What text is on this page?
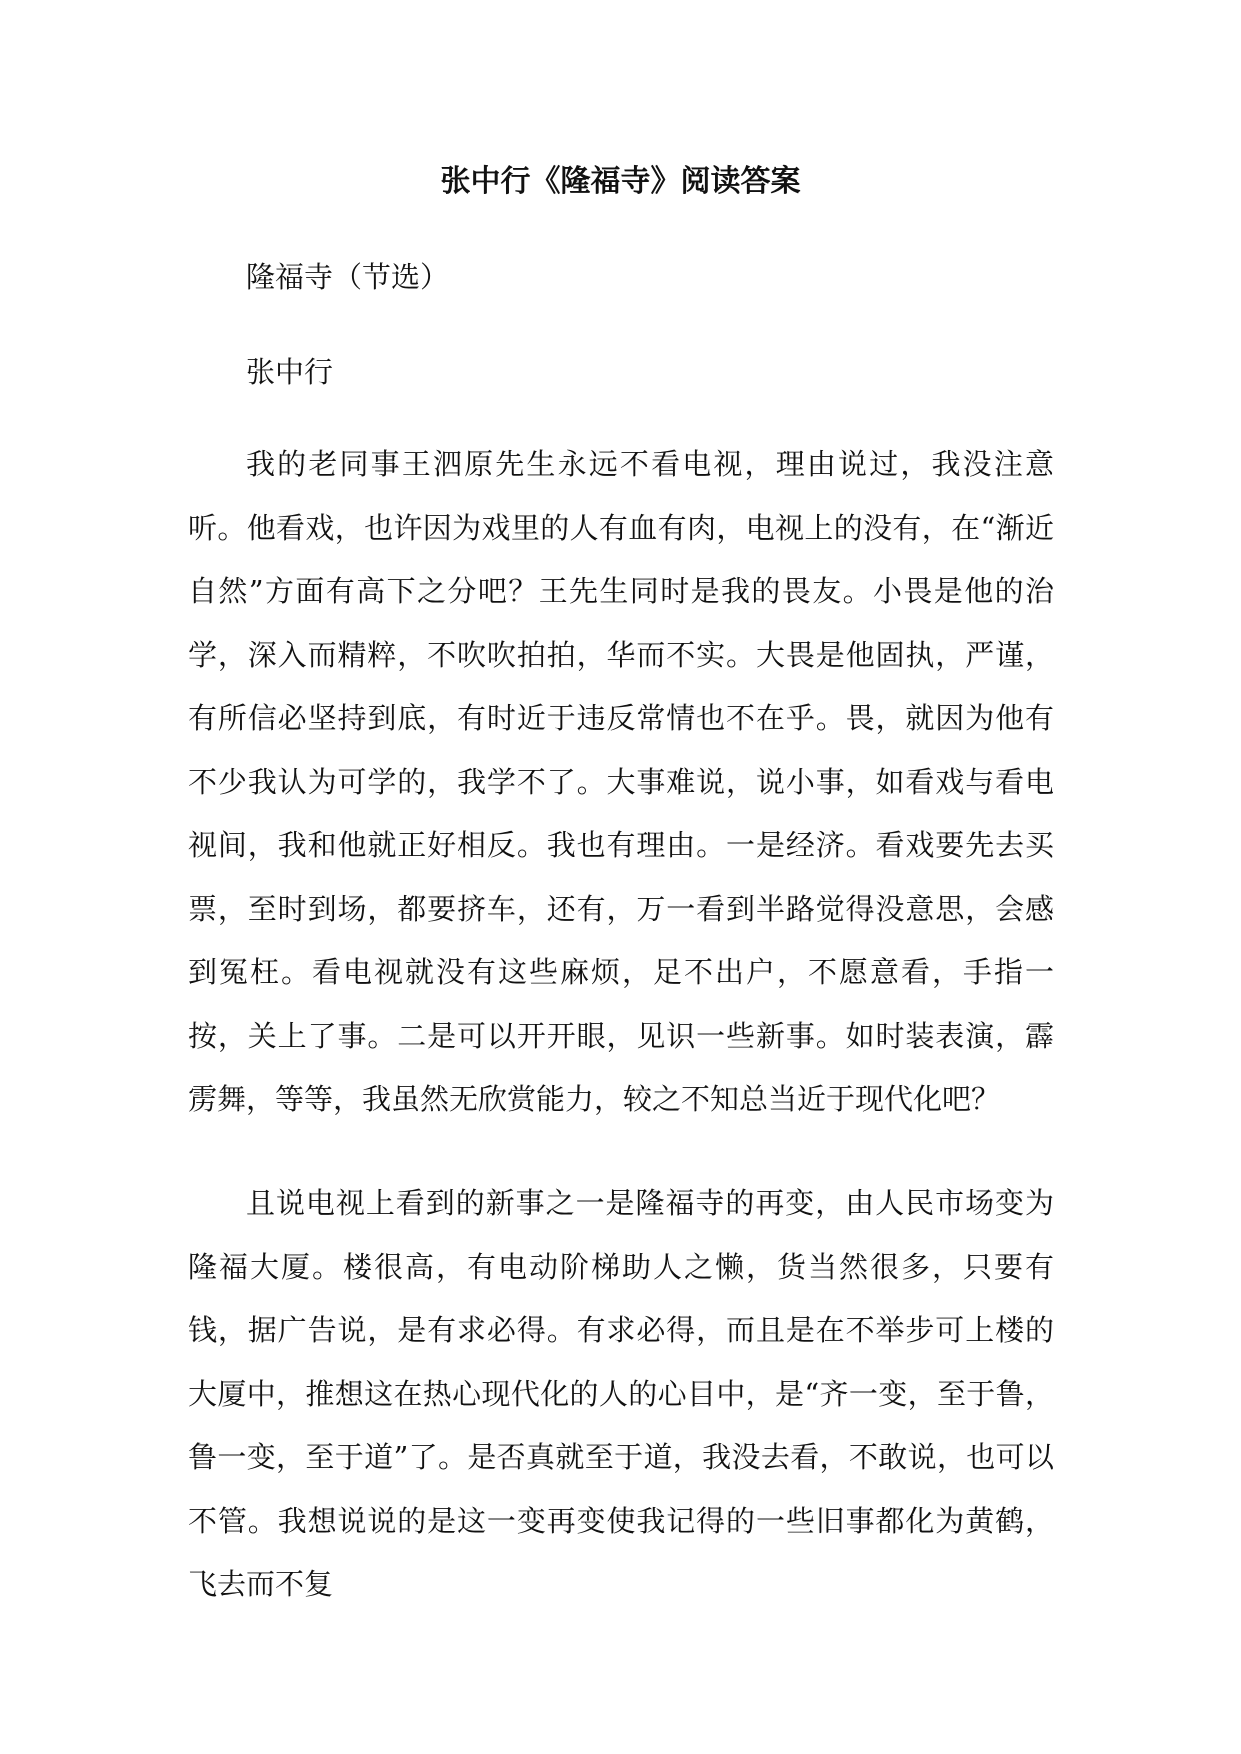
张中行《隆福寺》阅读答案

隆福寺（节选）

张中行

我的老同事王泗原先生永远不看电视，理由说过，我没注意听。他看戏，也许因为戏里的人有血有肉，电视上的没有，在“渐近自然”方面有高下之分吧？王先生同时是我的畏友。小畏是他的治学，深入而精粹，不吹吹拍拍，华而不实。大畏是他固执，严谨，有所信必坚持到底，有时近于违反常情也不在乎。畏，就因为他有不少我认为可学的，我学不了。大事难说，说小事，如看戏与看电视间，我和他就正好相反。我也有理由。一是经济。看戏要先去买票，至时到场，都要挤车，还有，万一看到半路觉得没意思，会感到冤枉。看电视就没有这些麻烦，足不出户，不愿意看，手指一按，关上了事。二是可以开开眼，见识一些新事。如时装表演，霹雳舞，等等，我虽然无欣赏能力，较之不知总当近于现代化吧？

且说电视上看到的新事之一是隆福寺的再变，由人民市场变为隆福大厦。楼很高，有电动阶梯助人之懒，货当然很多，只要有钱，据广告说，是有求必得。有求必得，而且是在不举步可上楼的大厦中，推想这在热心现代化的人的心目中，是“齐一变，至于鲁，鲁一变，至于道”了。是否真就至于道，我没去看，不敢说，也可以不管。我想说说的是这一变再变使我记得的一些旧事都化为黄鹤，飞去而不复
